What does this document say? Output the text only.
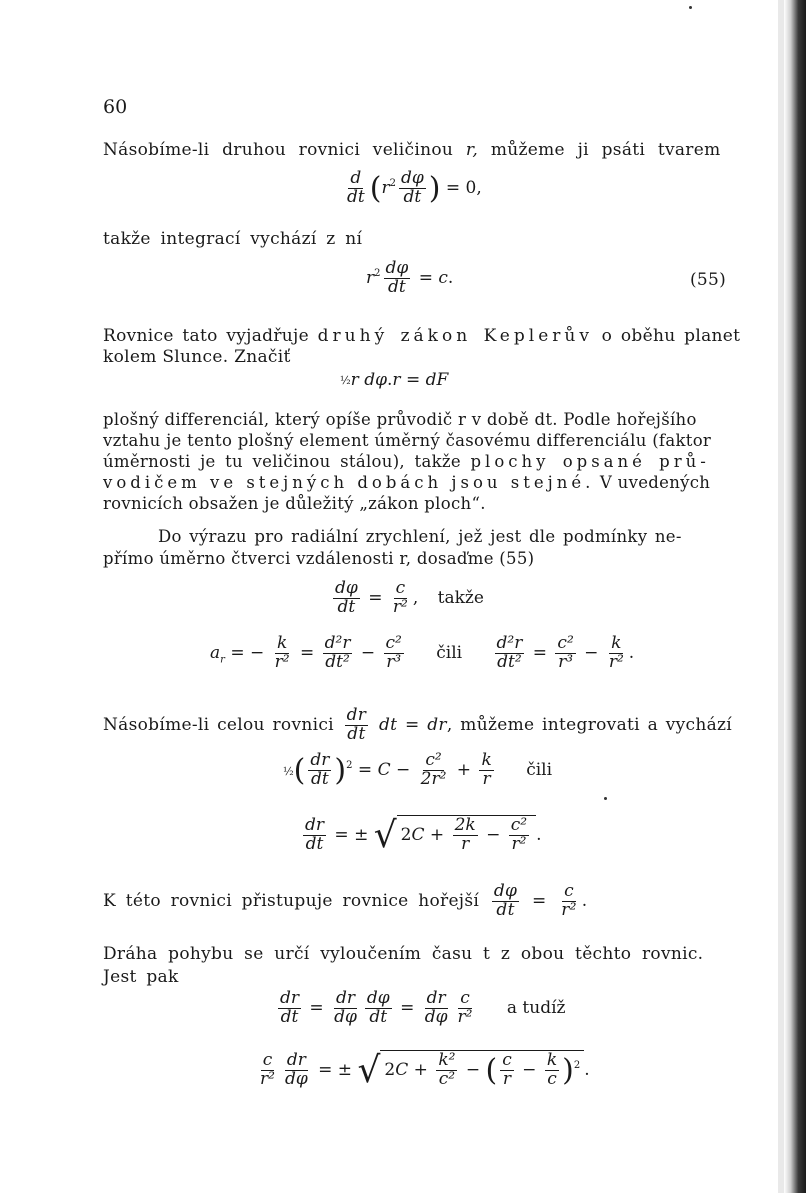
60
Násobíme-li druhou rovnici veličinou r, můžeme ji psáti tvarem
$\frac{d}{dt} (r^2 \frac{d\varphi}{dt}$ ) = 0,
takže integrací vychází z ní
$r^2 \frac{d\varphi}{dt} = c$.	(55)
Rovnice tato vyjadřuje druhý zákon Keplerův o oběhu planet
kolem Slunce. Značiť
½r dφ.r = dF
plošný differenciál, který opíše průvodič r v době dt. Podle hořejšího
vztahu je tento plošný element úměrný časovému differenciálu (faktor
úměrnosti je tu veličinou stálou), takže plochy opsané prů-
vodičem ve stejných dobách jsou stejné. V uvedených
rovnicích obsažen je důležitý „zákon ploch“.
Do výrazu pro radiální zrychlení, jež jest dle podmínky ne-
přímo úměrno čtverci vzdálenosti r, dosaďme (55)
$\frac{d\varphi}{dt} = \frac{c}{\text{r²}}$ , takže
$a_r$ = − $\frac{k}{\text{r²}} = \frac{\text{d²r}}{\text{dt²}} - \frac{\text{c²}}{\text{r³}}$ čili $\frac{\text{d²r}}{\text{dt²}} = \frac{\text{c²}}{\text{r³}} - \frac{k}{\text{r²}}$ .
Násobíme-li celou rovnici $\frac{dr}{dt}$ dt = dr, můžeme integrovati a vychází
½( $\frac{dr}{dt} )^2 = C - \frac{\text{c²}}{\text{2r²}} + \frac{k}{r}$ čili
$\frac{dr}{dt}$ = ± √ $2C + \frac{2k}{r} - \frac{\text{c²}}{\text{r²}}$ .
K této rovnici přistupuje rovnice hořejší $\frac{d\varphi}{dt} = \frac{c}{\text{r²}}$ .
Dráha pohybu se určí vyloučením času t z obou těchto rovnic.
Jest pak
$\frac{dr}{dt} = \frac{dr}{d\varphi} \frac{d\varphi}{dt} = \frac{dr}{d\varphi} \frac{c}{\text{r²}}$ a tudíž
$\frac{c}{\text{r²}} \frac{dr}{d\varphi}$ = ± √ $2C + \frac{\text{k²}}{\text{c²}}$ − ( $\frac{c}{r} - \frac{k}{c} )^2$ .
